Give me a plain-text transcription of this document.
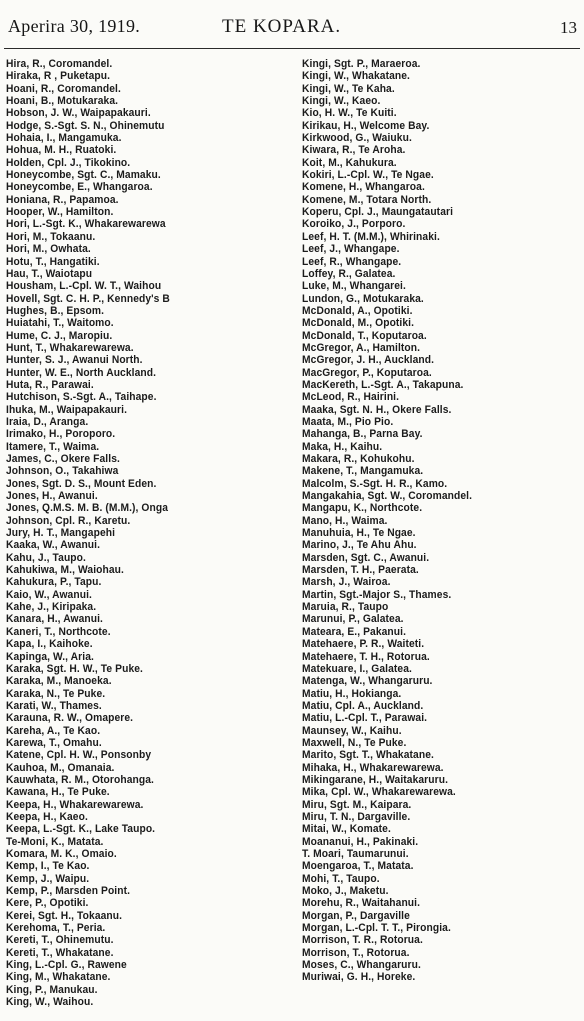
Aperira 30, 1919.	TE KOPARA.	13
Hira, R., Coromandel.
Hiraka, R , Puketapu.
Hoani, R., Coromandel.
Hoani, B., Motukaraka.
Hobson, J. W., Waipapakauri.
Hodge, S.-Sgt. S. N., Ohinemutu
Hohaia, I., Mangamuka.
Hohua, M. H., Ruatoki.
Holden, Cpl. J., Tikokino.
Honeycombe, Sgt. C., Mamaku.
Honeycombe, E., Whangaroa.
Honiana, R., Papamoa.
Hooper, W., Hamilton.
Hori, L.-Sgt. K., Whakarewarewa
Hori, M., Tokaanu.
Hori, M., Owhata.
Hotu, T., Hangatiki.
Hau, T., Waiotapu
Housham, L.-Cpl. W. T., Waihou
Hovell, Sgt. C. H. P., Kennedy's B
Hughes, B., Epsom.
Huiatahi, T., Waitomo.
Hume, C. J., Maropiu.
Hunt, T., Whakarewarewa.
Hunter, S. J., Awanui North.
Hunter, W. E., North Auckland.
Huta, R., Parawai.
Hutchison, S.-Sgt. A., Taihape.
Ihuka, M., Waipapakauri.
Iraia, D., Aranga.
Irimako, H., Poroporo.
Itamere, T., Waima.
James, C., Okere Falls.
Johnson, O., Takahiwa
Jones, Sgt. D. S., Mount Eden.
Jones, H., Awanui.
Jones, Q.M.S. M. B. (M.M.), Onga
Johnson, Cpl. R., Karetu.
Jury, H. T., Mangapehi
Kaaka, W., Awanui.
Kahu, J., Taupo.
Kahukiwa, M., Waiohau.
Kahukura, P., Tapu.
Kaio, W., Awanui.
Kahe, J., Kiripaka.
Kanara, H., Awanui.
Kaneri, T., Northcote.
Kapa, I., Kaihoke.
Kapinga, W., Aria.
Karaka, Sgt. H. W., Te Puke.
Karaka, M., Manoeka.
Karaka, N., Te Puke.
Karati, W., Thames.
Karauna, R. W., Omapere.
Kareha, A., Te Kao.
Karewa, T., Omahu.
Katene, Cpl. H. W., Ponsonby
Kauhoa, M., Omanaia.
Kauwhata, R. M., Otorohanga.
Kawana, H., Te Puke.
Keepa, H., Whakarewarewa.
Keepa, H., Kaeo.
Keepa, L.-Sgt. K., Lake Taupo.
Te-Moni, K., Matata.
Komara, M. K., Omaio.
Kemp, I., Te Kao.
Kemp, J., Waipu.
Kemp, P., Marsden Point.
Kere, P., Opotiki.
Kerei, Sgt. H., Tokaanu.
Kerehoma, T., Peria.
Kereti, T., Ohinemutu.
Kereti, T., Whakatane.
King, L.-Cpl. G., Rawene
King, M., Whakatane.
King, P., Manukau.
King, W., Waihou.
Kingi, Sgt. P., Maraeroa.
Kingi, W., Whakatane.
Kingi, W., Te Kaha.
Kingi, W., Kaeo.
Kio, H. W., Te Kuiti.
Kirikau, H., Welcome Bay.
Kirkwood, G., Waiuku.
Kiwara, R., Te Aroha.
Koit, M., Kahukura.
Kokiri, L.-Cpl. W., Te Ngae.
Komene, H., Whangaroa.
Komene, M., Totara North.
Koperu, Cpl. J., Maungatautari
Koroiko, J., Porporo.
Leef, H. T. (M.M.), Whirinaki.
Leef, J., Whangape.
Leef, R., Whangape.
Loffey, R., Galatea.
Luke, M., Whangarei.
Lundon, G., Motukaraka.
McDonald, A., Opotiki.
McDonald, M., Opotiki.
McDonald, T., Koputaroa.
McGregor, A., Hamilton.
McGregor, J. H., Auckland.
MacGregor, P., Koputaroa.
MacKereth, L.-Sgt. A., Takapuna.
McLeod, R., Hairini.
Maaka, Sgt. N. H., Okere Falls.
Maata, M., Pio Pio.
Mahanga, B., Parna Bay.
Maka, H., Kaihu.
Makara, R., Kohukohu.
Makene, T., Mangamuka.
Malcolm, S.-Sgt. H. R., Kamo.
Mangakahia, Sgt. W., Coromandel.
Mangapu, K., Northcote.
Mano, H., Waima.
Manuhuia, H., Te Ngae.
Marino, J., Te Ahu Ahu.
Marsden, Sgt. C., Awanui.
Marsden, T. H., Paerata.
Marsh, J., Wairoa.
Martin, Sgt.-Major S., Thames.
Maruia, R., Taupo
Marunui, P., Galatea.
Mateara, E., Pakanui.
Matehaere, P. R., Waiteti.
Matehaere, T. H., Rotorua.
Matekuare, I., Galatea.
Matenga, W., Whangaruru.
Matiu, H., Hokianga.
Matiu, Cpl. A., Auckland.
Matiu, L.-Cpl. T., Parawai.
Maunsey, W., Kaihu.
Maxwell, N., Te Puke.
Marito, Sgt. T., Whakatane.
Mihaka, H., Whakarewarewa.
Mikingarane, H., Waitakaruru.
Mika, Cpl. W., Whakarewarewa.
Miru, Sgt. M., Kaipara.
Miru, T. N., Dargaville.
Mitai, W., Komate.
Moananui, H., Pakinaki.
T. Moari, Taumarunui.
Moengaroa, T., Matata.
Mohi, T., Taupo.
Moko, J., Maketu.
Morehu, R., Waitahanui.
Morgan, P., Dargaville
Morgan, L.-Cpl. T. T., Pirongia.
Morrison, T. R., Rotorua.
Morrison, T., Rotorua.
Moses, C., Whangaruru.
Muriwai, G. H., Horeke.
